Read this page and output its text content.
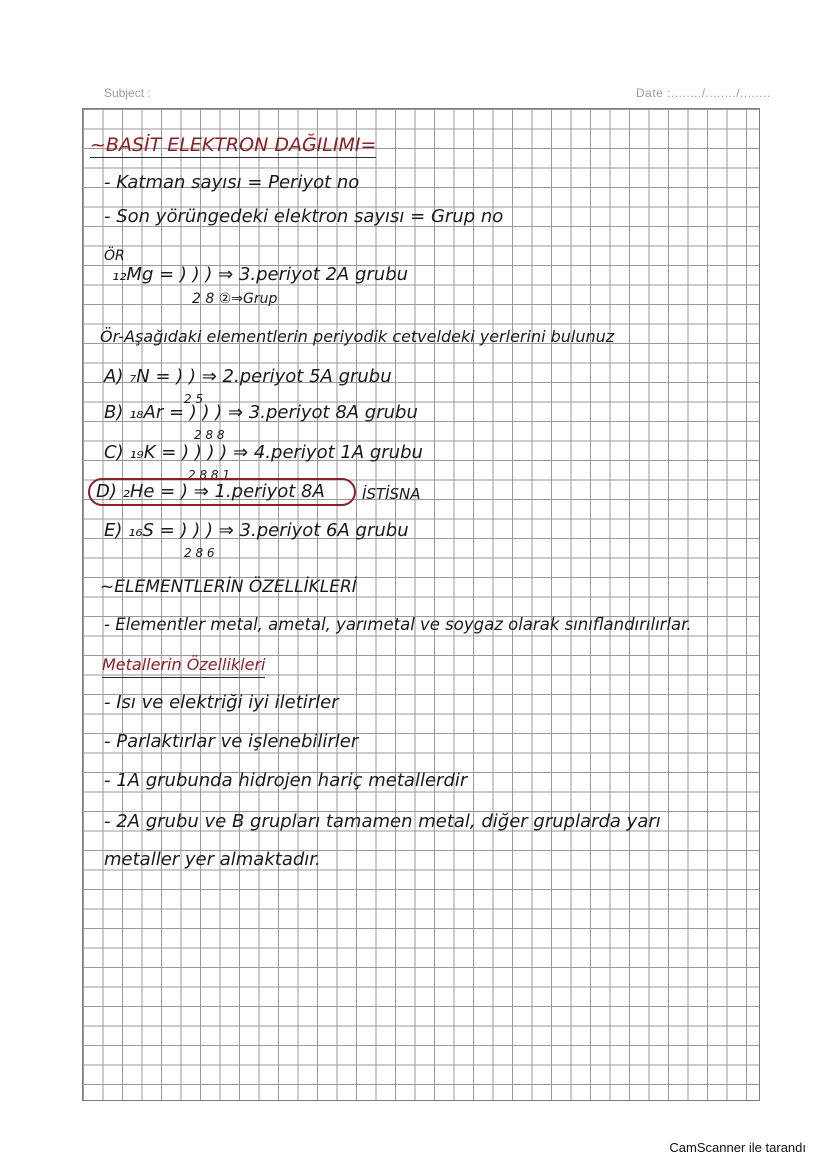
Subject :	Date :......../......../........
~BASİT ELEKTRON DAĞILIMI=
- Katman sayısı = Periyot no
- Son yörüngedeki elektron sayısı = Grup no
ÖR
₁₂Mg = ) ) ) ⇒ 3.periyot 2A grubu
2 8 ②⇒Grup
Ör-Aşağıdaki elementlerin periyodik cetveldeki yerlerini bulunuz
A) ₇N = ) ) ⇒ 2.periyot 5A grubu
2 5
B) ₁₈Ar = ) ) ) ⇒ 3.periyot 8A grubu
2 8 8
C) ₁₉K = ) ) ) ) ⇒ 4.periyot 1A grubu
2 8 8 1
D) ₂He = ) ⇒ 1.periyot 8A İSTİSNA
E) ₁₆S = ) ) ) ⇒ 3.periyot 6A grubu
2 8 6
~ELEMENTLERİN ÖZELLİKLERİ
- Elementler metal, ametal, yarımetal ve soygaz olarak sınıflandırılırlar.
Metallerin Özellikleri
- Isı ve elektriği iyi iletirler
- Parlaktırlar ve işlenebilirler
- 1A grubunda hidrojen hariç metallerdir
- 2A grubu ve B grupları tamamen metal, diğer gruplarda yarı
metaller yer almaktadır.
CamScanner ile tarandı
